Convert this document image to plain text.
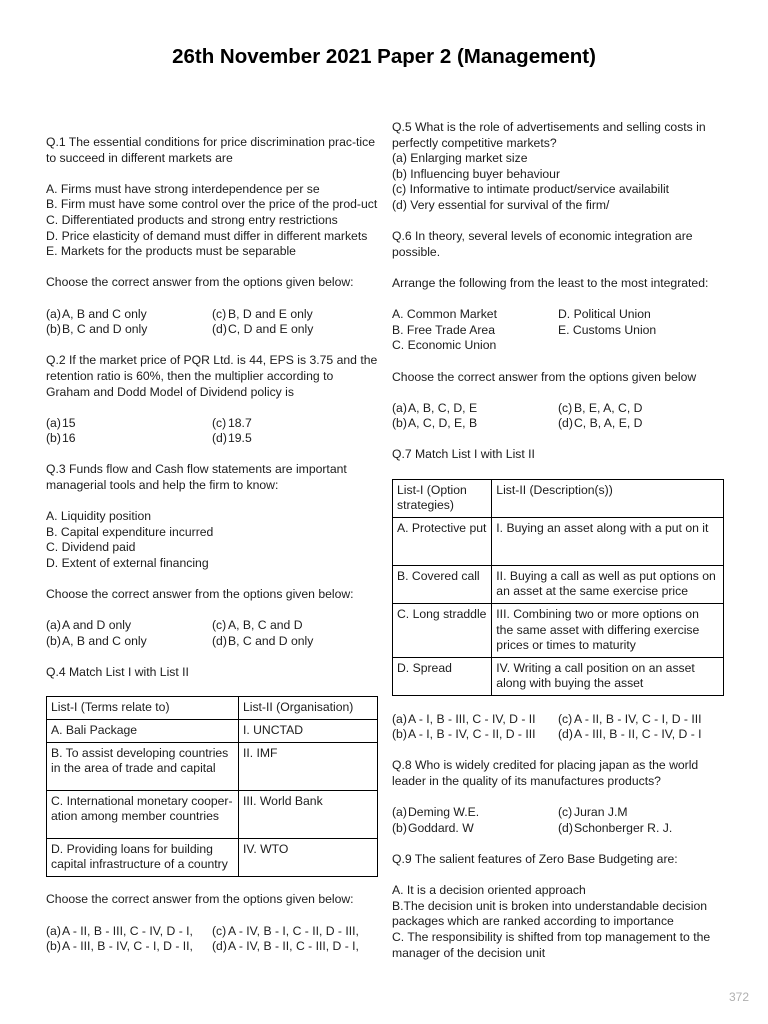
26th November 2021 Paper 2 (Management)

Q.1 The essential conditions for price discrimination prac-tice to succeed in different markets are

A. Firms must have strong interdependence per se

B. Firm must have some control over the price of the prod-uct

C. Differentiated products and strong entry restrictions

D. Price elasticity of demand must differ in different markets

E. Markets for the products must be separable

Choose the correct answer from the options given below:

(a)A, B and C only	(c) B, D and E only
(b)B, C and D only	(d)C, D and E only

Q.2 If the market price of PQR Ltd. is 44, EPS is 3.75 and the retention ratio is 60%, then the multiplier according to Graham and Dodd Model of Dividend policy is

(a)15	(c) 18.7
(b)16	(d)19.5

Q.3 Funds flow and Cash flow statements are important managerial tools and help the firm to know:

A. Liquidity position

B. Capital expenditure incurred

C. Dividend paid

D. Extent of external financing

Choose the correct answer from the options given below:

(a)A and D only	(c) A, B, C and D
(b)A, B and C only	(d)B, C and D only

Q.4 Match List I with List II

List-I (Terms relate to)	List-II (Organisation)
A. Bali Package	I. UNCTAD
B. To assist developing countries in the area of trade and capital	II. IMF
C. International monetary cooper-ation among member countries	III. World Bank
D. Providing loans for building capital infrastructure of a country	IV. WTO

Choose the correct answer from the options given below:

(a)A - II, B - III, C - IV, D - I,	(c) A - IV, B - I, C - II, D - III,
(b)A - III, B - IV, C - I, D - II,	(d)A - IV, B - II, C - III, D - I,

Q.5 What is the role of advertisements and selling costs in perfectly competitive markets?

(a) Enlarging market size

(b) Influencing buyer behaviour

(c) Informative to intimate product/service availabilit

(d) Very essential for survival of the firm/

Q.6 In theory, several levels of economic integration are possible.

Arrange the following from the least to the most integrated:

A. Common Market	D. Political Union

B. Free Trade Area	E. Customs Union

C. Economic Union

Choose the correct answer from the options given below

(a)A, B, C, D, E	(c) B, E, A, C, D
(b)A, C, D, E, B	(d)C, B, A, E, D

Q.7 Match List I with List II

List-I (Option strategies)	List-II (Description(s))
A. Protective put	I. Buying an asset along with a put on it
B. Covered call	II. Buying a call as well as put options on an asset at the same exercise price
C. Long straddle	III. Combining two or more options on the same asset with differing exercise prices or times to maturity
D. Spread	IV. Writing a call position on an asset along with buying the asset
(a)A - I, B - III, C - IV, D - II	(c) A - II, B - IV, C - I, D - III
(b)A - I, B - IV, C - II, D - III	(d)A - III, B - II, C - IV, D - I

Q.8 Who is widely credited for placing japan as the world leader in the quality of its manufactures products?

(a)Deming W.E.	(c) Juran J.M
(b)Goddard. W	(d)Schonberger R. J.

Q.9 The salient features of Zero Base Budgeting are:

A. It is a decision oriented approach

B.The decision unit is broken into understandable decision packages which are ranked according to importance

C. The responsibility is shifted from top management to the manager of the decision unit

372
